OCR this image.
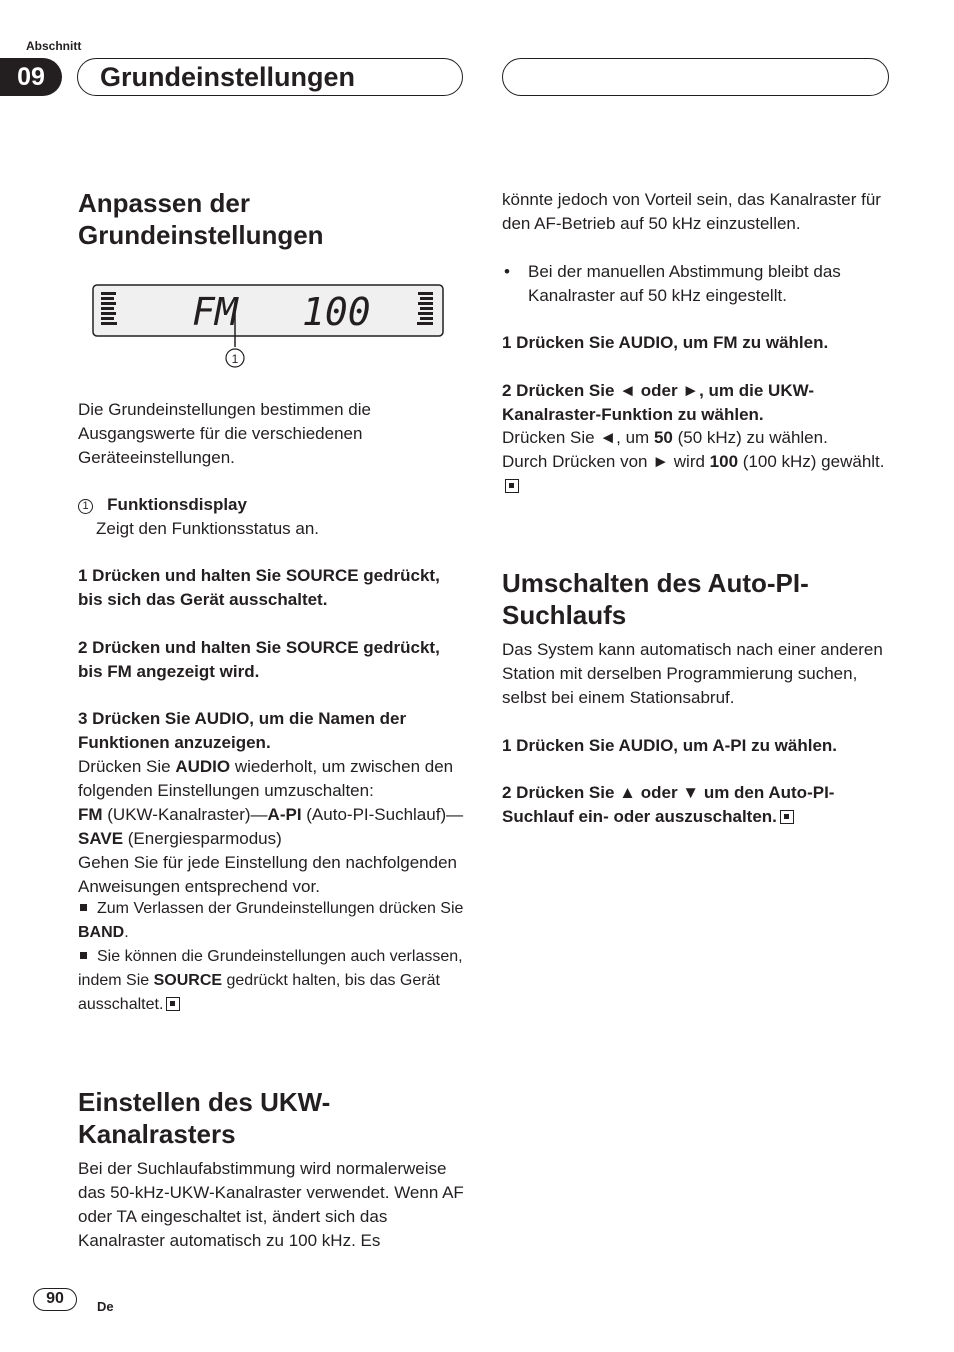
Abschnitt
09	Grundeinstellungen
Anpassen der Grundeinstellungen
FM 100
1

Die Grundeinstellungen bestimmen die Ausgangswerte für die verschiedenen Geräteeinstellungen.

1 Funktionsdisplay

Zeigt den Funktionsstatus an.

1 Drücken und halten Sie SOURCE gedrückt, bis sich das Gerät ausschaltet.

2 Drücken und halten Sie SOURCE gedrückt, bis FM angezeigt wird.

3 Drücken Sie AUDIO, um die Namen der Funktionen anzuzeigen.

Drücken Sie AUDIO wiederholt, um zwischen den folgenden Einstellungen umzuschalten:

FM (UKW-Kanalraster)—A-PI (Auto-PI-Suchlauf)—SAVE (Energiesparmodus)

Gehen Sie für jede Einstellung den nachfolgenden Anweisungen entsprechend vor.

Zum Verlassen der Grundeinstellungen drücken Sie BAND.

Sie können die Grundeinstellungen auch verlassen, indem Sie SOURCE gedrückt halten, bis das Gerät ausschaltet.

Einstellen des UKW-Kanalrasters

Bei der Suchlaufabstimmung wird normalerweise das 50-kHz-UKW-Kanalraster verwendet. Wenn AF oder TA eingeschaltet ist, ändert sich das Kanalraster automatisch zu 100 kHz. Es

könnte jedoch von Vorteil sein, das Kanalraster für den AF-Betrieb auf 50 kHz einzustellen.

•	Bei der manuellen Abstimmung bleibt das Kanalraster auf 50 kHz eingestellt.

1 Drücken Sie AUDIO, um FM zu wählen.

2 Drücken Sie ◄ oder ►, um die UKW-Kanalraster-Funktion zu wählen.

Drücken Sie ◄, um 50 (50 kHz) zu wählen.

Durch Drücken von ► wird 100 (100 kHz) gewählt.

Umschalten des Auto-PI-Suchlaufs

Das System kann automatisch nach einer anderen Station mit derselben Programmierung suchen, selbst bei einem Stationsabruf.

1 Drücken Sie AUDIO, um A-PI zu wählen.

2 Drücken Sie ▲ oder ▼ um den Auto-PI-Suchlauf ein- oder auszuschalten.

90	De
